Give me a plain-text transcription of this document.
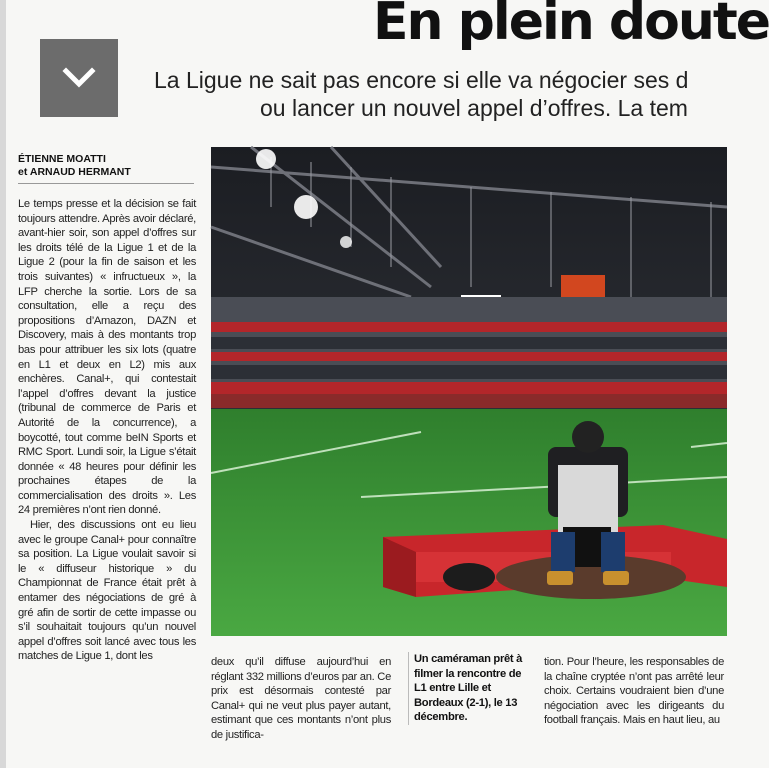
En plein doute
La Ligue ne sait pas encore si elle va négocier ses d
ou lancer un nouvel appel d’offres. La tem
ÉTIENNE MOATTI
et ARNAUD HERMANT

Le temps presse et la décision se fait toujours attendre. Après avoir déclaré, avant-hier soir, son appel d’offres sur les droits télé de la Ligue 1 et de la Ligue 2 (pour la fin de saison et les trois suivantes) « infructueux », la LFP cherche la sortie. Lors de sa consultation, elle a reçu des propositions d’Amazon, DAZN et Discovery, mais à des montants trop bas pour attribuer les six lots (quatre en L1 et deux en L2) mis aux enchères. Canal+, qui contestait l’appel d’offres devant la justice (tribunal de commerce de Paris et Autorité de la concurrence), a boycotté, tout comme beIN Sports et RMC Sport. Lundi soir, la Ligue s’était donnée « 48 heures pour définir les prochaines étapes de la commercialisation des droits ». Les 24 premières n’ont rien donné.

Hier, des discussions ont eu lieu avec le groupe Canal+ pour connaître sa position. La Ligue voulait savoir si le « diffuseur historique » du Championnat de France était prêt à entamer des négociations de gré à gré afin de sortir de cette impasse ou s’il souhaitait toujours qu’un nouvel appel d’offres soit lancé avec tous les matches de Ligue 1, dont les	deux qu’il diffuse aujourd’hui en réglant 332 millions d’euros par an. Ce prix est désormais contesté par Canal+ qui ne veut plus payer autant, estimant que ces montants n’ont plus de justifica-
Un caméraman prêt à filmer la rencontre de L1 entre Lille et Bordeaux (2-1), le 13 décembre.
tion. Pour l’heure, les responsables de la chaîne cryptée n’ont pas arrêté leur choix. Certains voudraient bien d’une négociation avec les dirigeants du football français. Mais en haut lieu, au
